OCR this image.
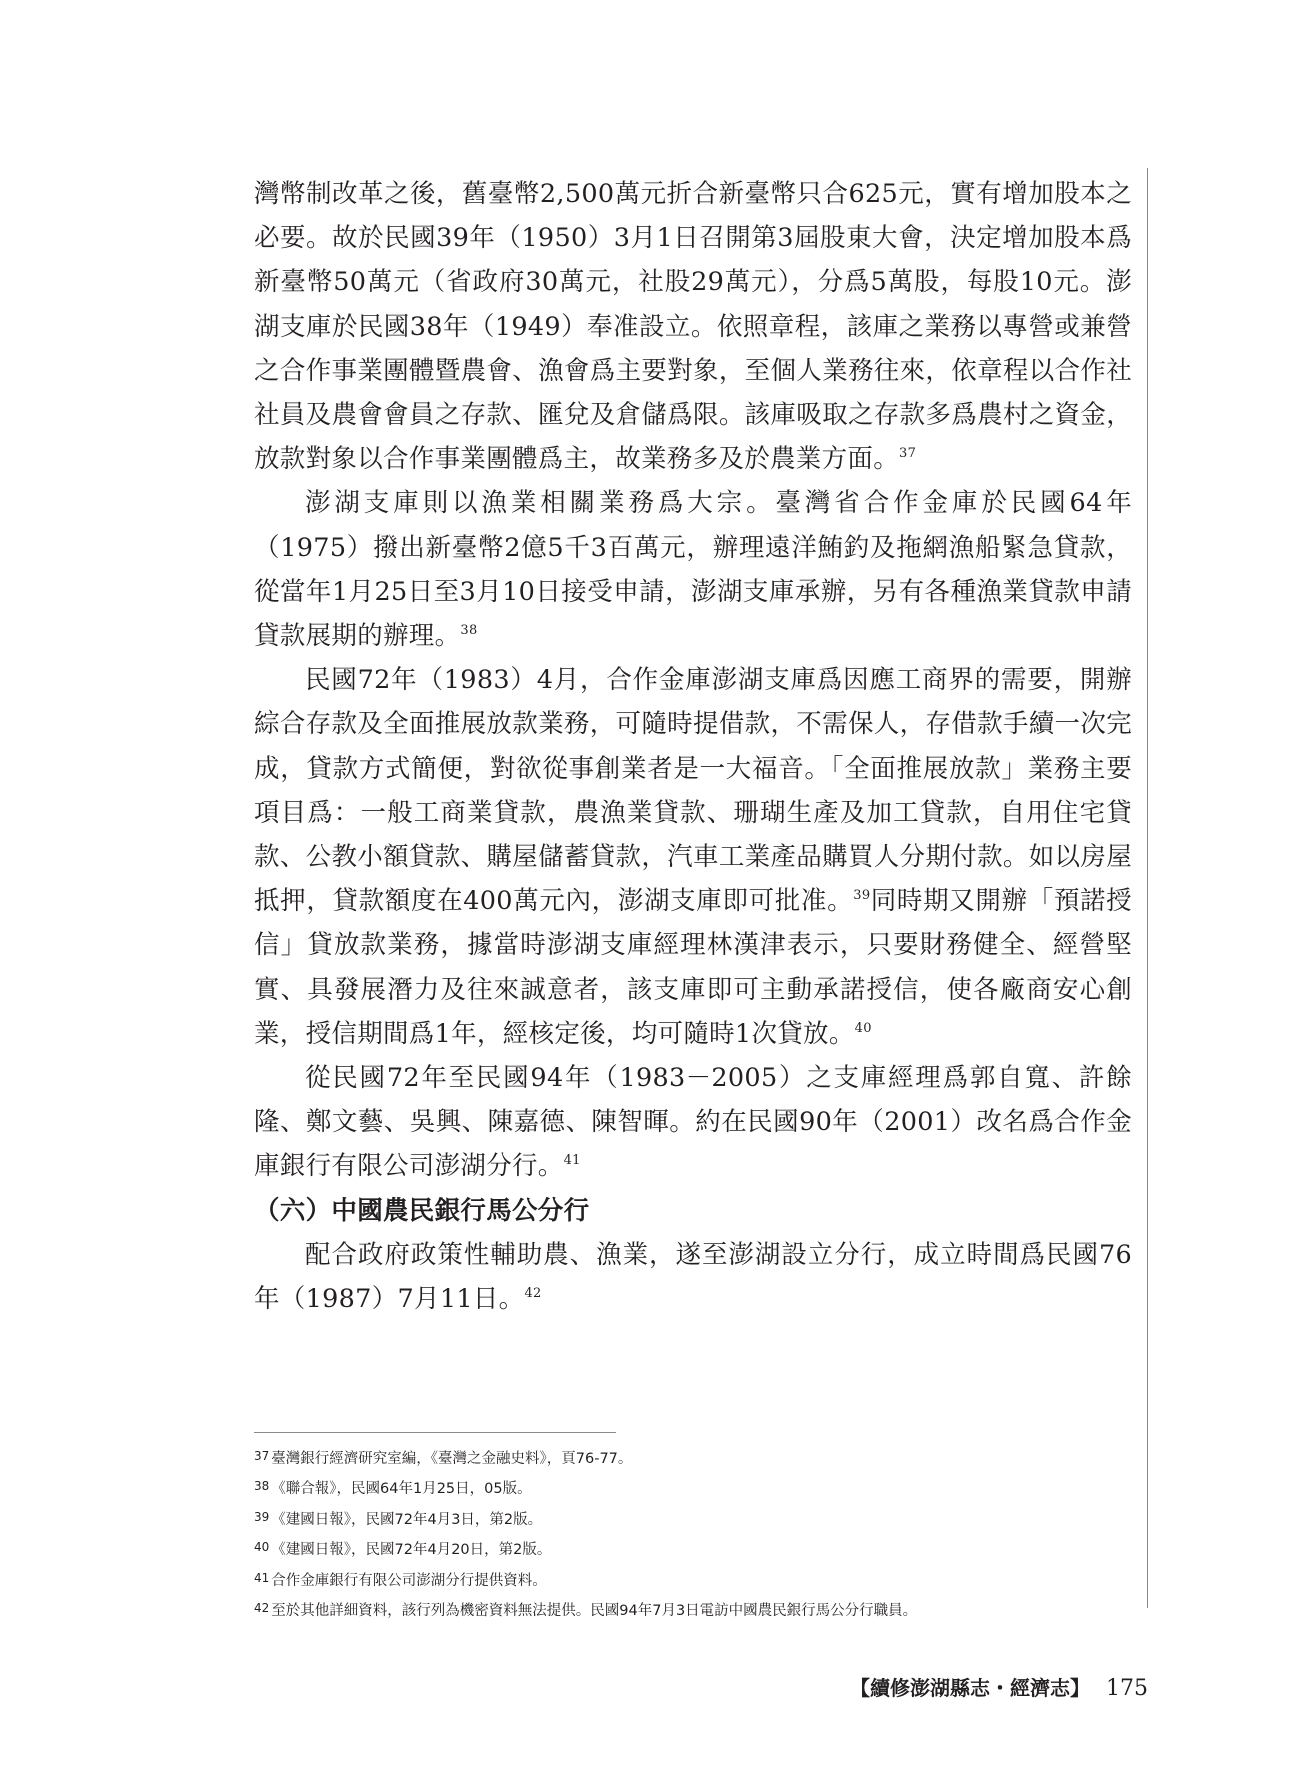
灣幣制改革之後，舊臺幣2,500萬元折合新臺幣只合625元，實有增加股本之必要。故於民國39年（1950）3月1日召開第3屆股東大會，決定增加股本爲新臺幣50萬元（省政府30萬元，社股29萬元），分爲5萬股，每股10元。澎湖支庫於民國38年（1949）奉准設立。依照章程，該庫之業務以專營或兼營之合作事業團體暨農會、漁會爲主要對象，至個人業務往來，依章程以合作社社員及農會會員之存款、匯兌及倉儲爲限。該庫吸取之存款多爲農村之資金，放款對象以合作事業團體爲主，故業務多及於農業方面。$^{37}$

澎湖支庫則以漁業相關業務爲大宗。臺灣省合作金庫於民國64年（1975）撥出新臺幣2億5千3百萬元，辦理遠洋鮪釣及拖網漁船緊急貸款，從當年1月25日至3月10日接受申請，澎湖支庫承辦，另有各種漁業貸款申請貸款展期的辦理。$^{38}$

民國72年（1983）4月，合作金庫澎湖支庫爲因應工商界的需要，開辦綜合存款及全面推展放款業務，可隨時提借款，不需保人，存借款手續一次完成，貸款方式簡便，對欲從事創業者是一大福音。「全面推展放款」業務主要項目爲：一般工商業貸款，農漁業貸款、珊瑚生產及加工貸款，自用住宅貸款、公教小額貸款、購屋儲蓄貸款，汽車工業產品購買人分期付款。如以房屋抵押，貸款額度在400萬元內，澎湖支庫即可批准。$^{39}$同時期又開辦「預諾授信」貸放款業務，據當時澎湖支庫經理林漢津表示，只要財務健全、經營堅實、具發展潛力及往來誠意者，該支庫即可主動承諾授信，使各廠商安心創業，授信期間爲1年，經核定後，均可隨時1次貸放。$^{40}$

從民國72年至民國94年（1983－2005）之支庫經理爲郭自寬、許餘隆、鄭文藝、吳興、陳嘉德、陳智暉。約在民國90年（2001）改名爲合作金庫銀行有限公司澎湖分行。$^{41}$

（六）中國農民銀行馬公分行

配合政府政策性輔助農、漁業，遂至澎湖設立分行，成立時間爲民國76年（1987）7月11日。$^{42}$

$^{37}$ 臺灣銀行經濟研究室編，《臺灣之金融史料》，頁76-77。
$^{38}$ 《聯合報》，民國64年1月25日，05版。
$^{39}$ 《建國日報》，民國72年4月3日，第2版。
$^{40}$ 《建國日報》，民國72年4月20日，第2版。
$^{41}$ 合作金庫銀行有限公司澎湖分行提供資料。
$^{42}$ 至於其他詳細資料，該行列為機密資料無法提供。民國94年7月3日電訪中國農民銀行馬公分行職員。
【續修澎湖縣志・經濟志】 175
